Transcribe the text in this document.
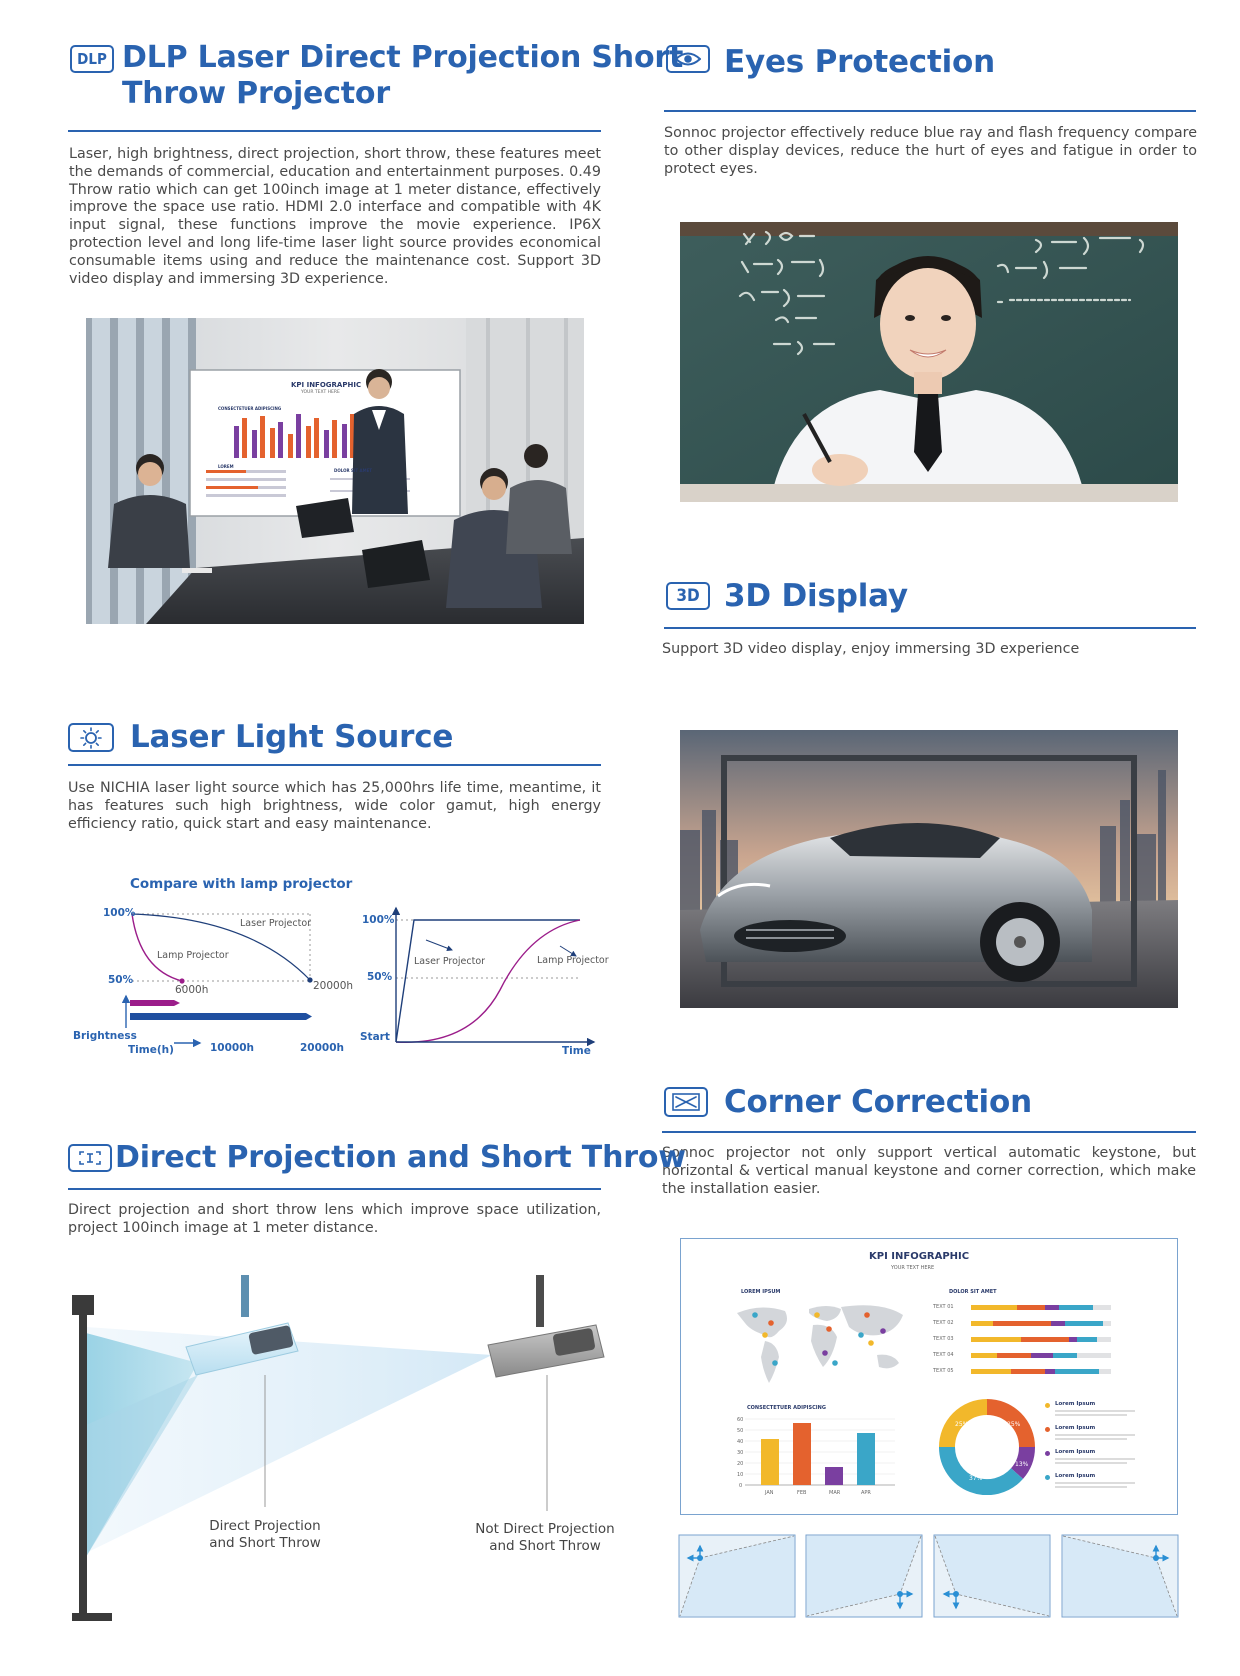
DLP DLP Laser Direct Projection Short
Throw Projector
Laser, high brightness, direct projection, short throw, these features meet the demands of commercial, education and entertainment purposes. 0.49 Throw ratio which can get 100inch image at 1 meter distance, effectively improve the space use ratio. HDMI 2.0 interface and compatible with 4K input signal, these functions improve the movie experience. IP6X protection level and long life-time laser light source provides economical consumable items using and reduce the maintenance cost. Support 3D video display and immersing 3D experience.
KPI INFOGRAPHIC
YOUR TEXT HERE
CONSECTETUER ADIPISCING
LOREM
DOLOR SIT AMET
Eyes Protection
Sonnoc projector effectively reduce blue ray and flash frequency compare to other display devices, reduce the hurt of eyes and fatigue in order to protect eyes.
3D 3D Display
Support 3D video display, enjoy immersing 3D experience
Laser Light Source
Use NICHIA laser light source which has 25,000hrs life time, meantime, it has features such high brightness, wide color gamut, high energy efficiency ratio, quick start and easy maintenance.
Compare with lamp projector
100%
50%
Laser Projector
Lamp Projector
6000h	20000h
Brightness
Time(h)	10000h	20000h
100%
50%
Laser Projector	Lamp Projector
Start
Time
Corner Correction
Sonnoc projector not only support vertical automatic keystone, but horizontal & vertical manual keystone and corner correction, which make the installation easier.
KPI INFOGRAPHIC
YOUR TEXT HERE
LOREM IPSUM	DOLOR SIT AMET
TEXT 01
TEXT 02
TEXT 03
TEXT 04
TEXT 05
CONSECTETUER ADIPISCING
60
50
40
30
20
10
0
JAN	FEB	MAR	APR
25%	25%
13%
37%
Lorem Ipsum
Lorem Ipsum
Lorem Ipsum
Lorem Ipsum
Direct Projection and Short Throw
Direct projection and short throw lens which improve space utilization, project 100inch image at 1 meter distance.
Direct Projection
and Short Throw
Not Direct Projection
and Short Throw
